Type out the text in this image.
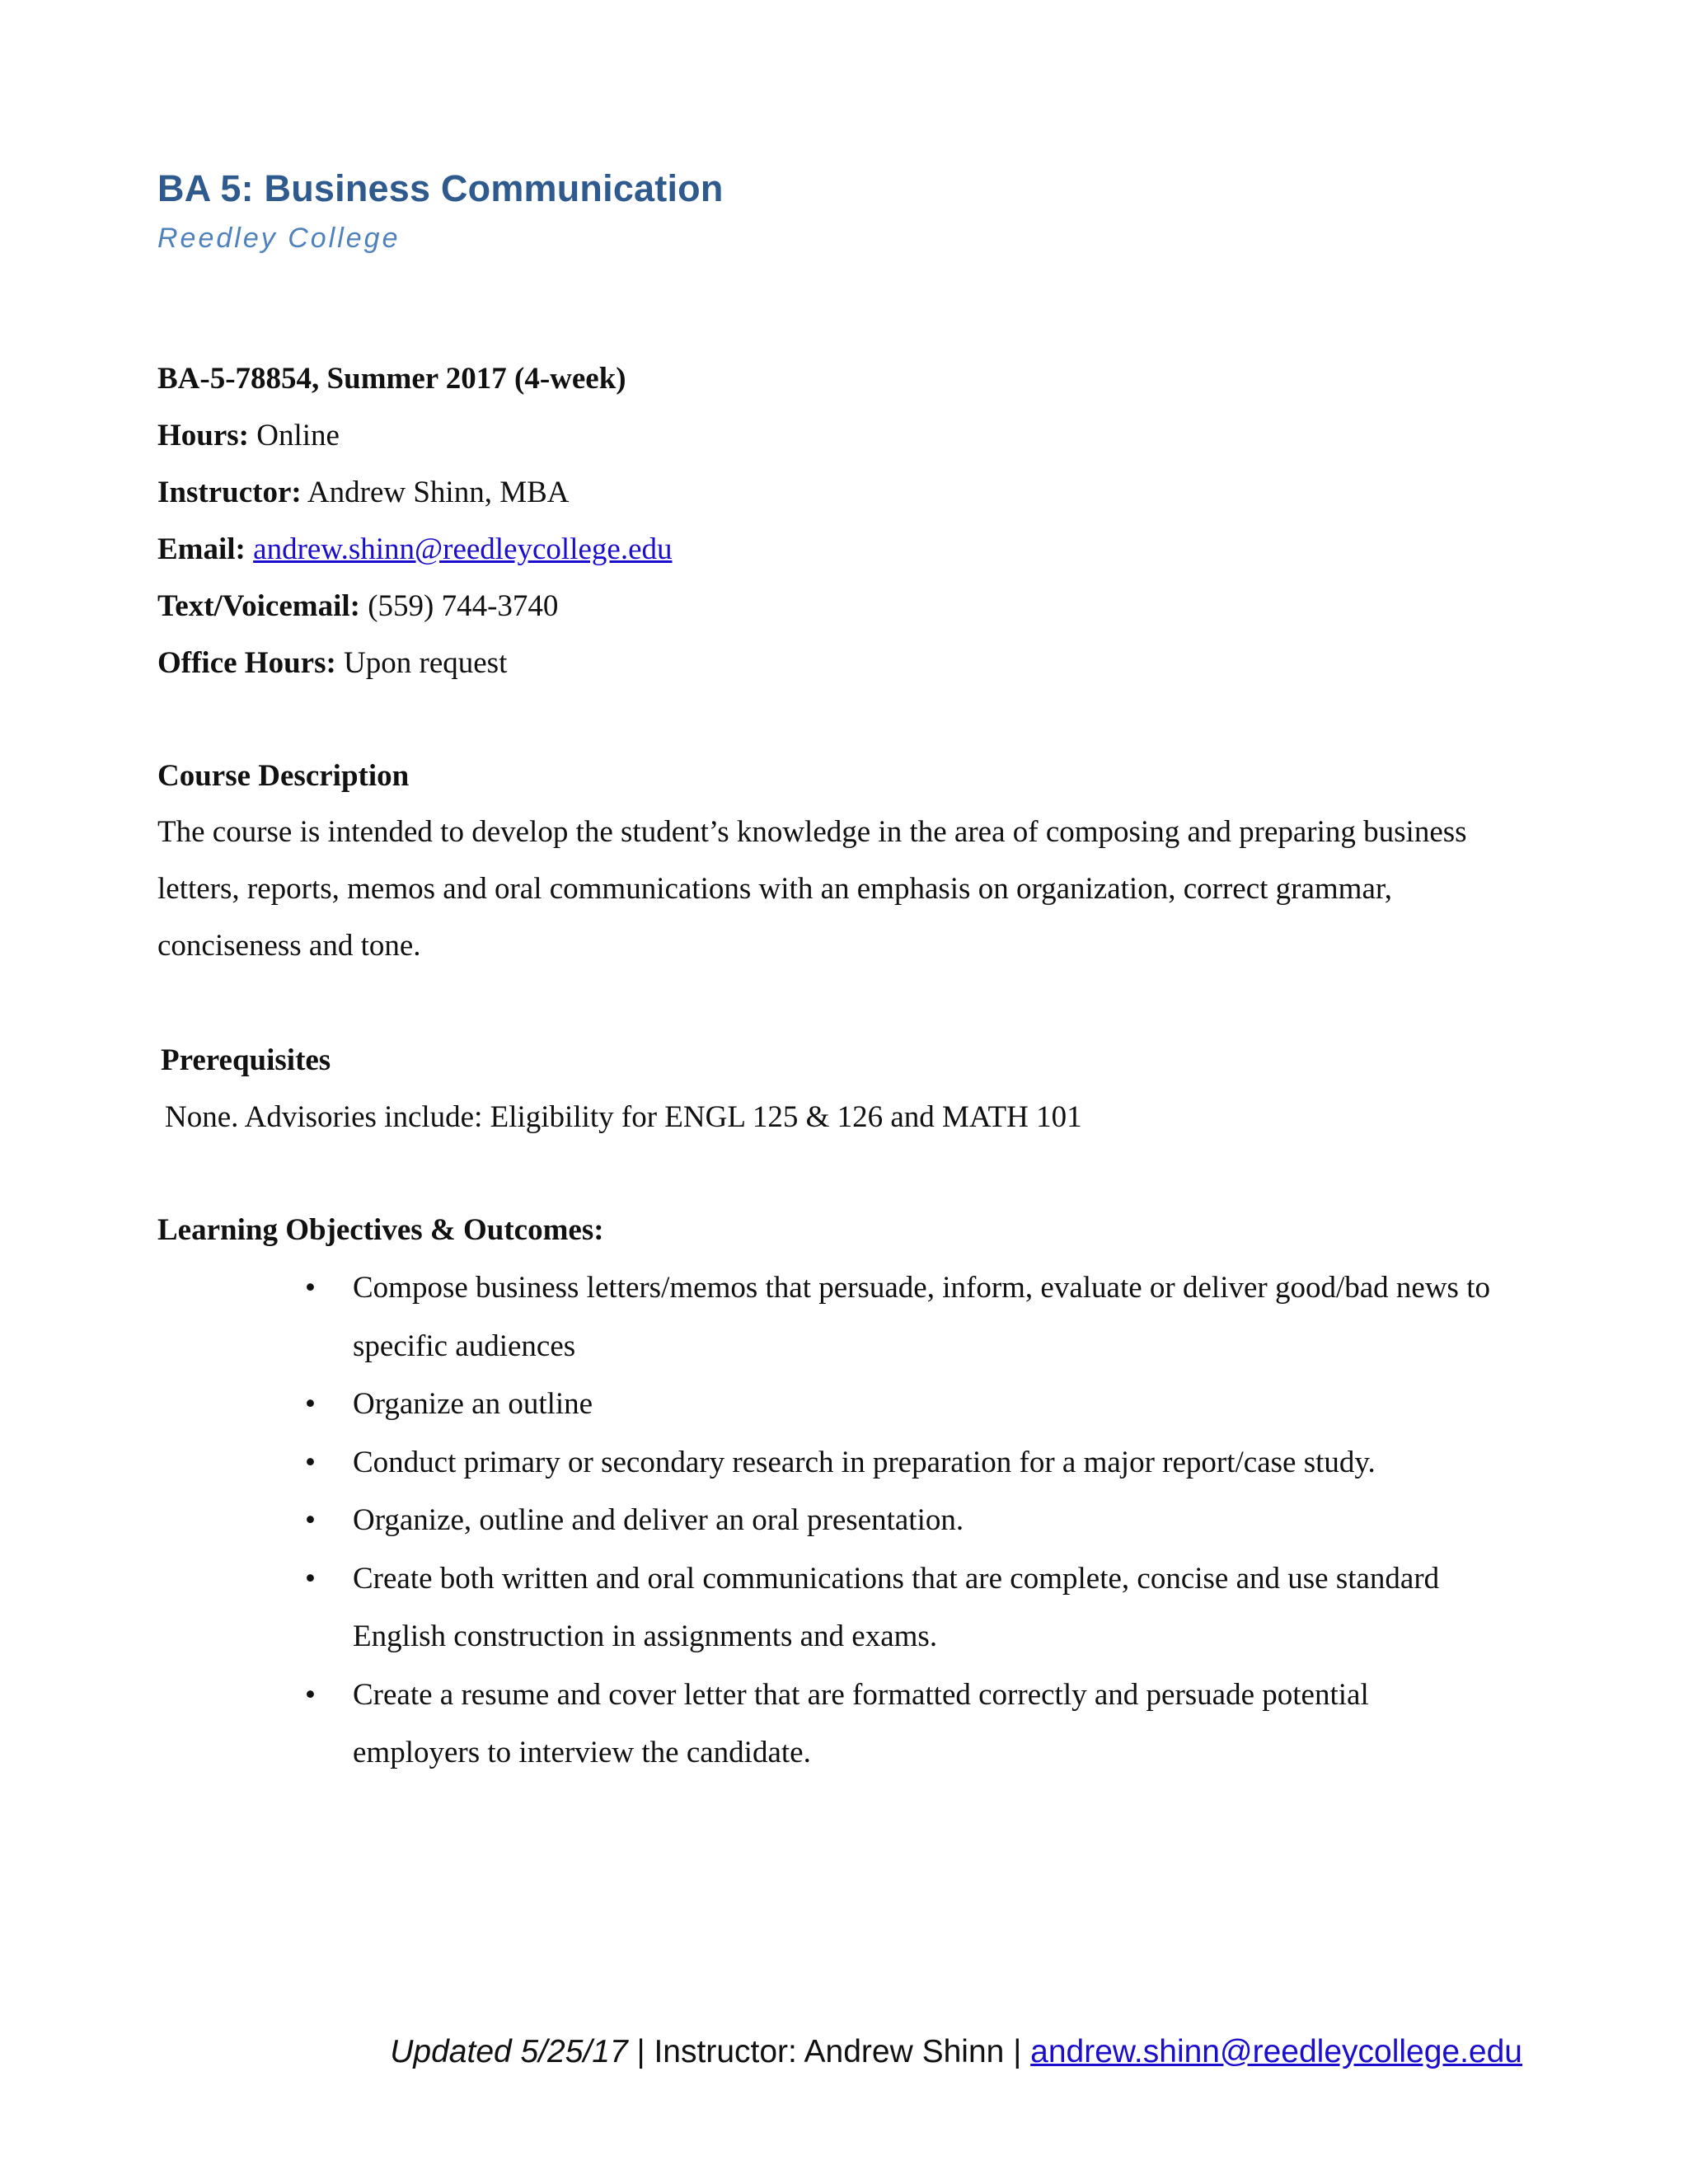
BA 5: Business Communication
Reedley College
BA-5-78854, Summer 2017 (4-week)
Hours: Online
Instructor: Andrew Shinn, MBA
Email: andrew.shinn@reedleycollege.edu
Text/Voicemail: (559) 744-3740
Office Hours: Upon request
Course Description
The course is intended to develop the student’s knowledge in the area of composing and preparing business letters, reports, memos and oral communications with an emphasis on organization, correct grammar, conciseness and tone.
Prerequisites
None. Advisories include: Eligibility for ENGL 125 & 126 and MATH 101
Learning Objectives & Outcomes:
• Compose business letters/memos that persuade, inform, evaluate or deliver good/bad news to specific audiences
• Organize an outline
• Conduct primary or secondary research in preparation for a major report/case study.
• Organize, outline and deliver an oral presentation.
• Create both written and oral communications that are complete, concise and use standard English construction in assignments and exams.
• Create a resume and cover letter that are formatted correctly and persuade potential employers to interview the candidate.
Updated 5/25/17 | Instructor: Andrew Shinn | andrew.shinn@reedleycollege.edu
